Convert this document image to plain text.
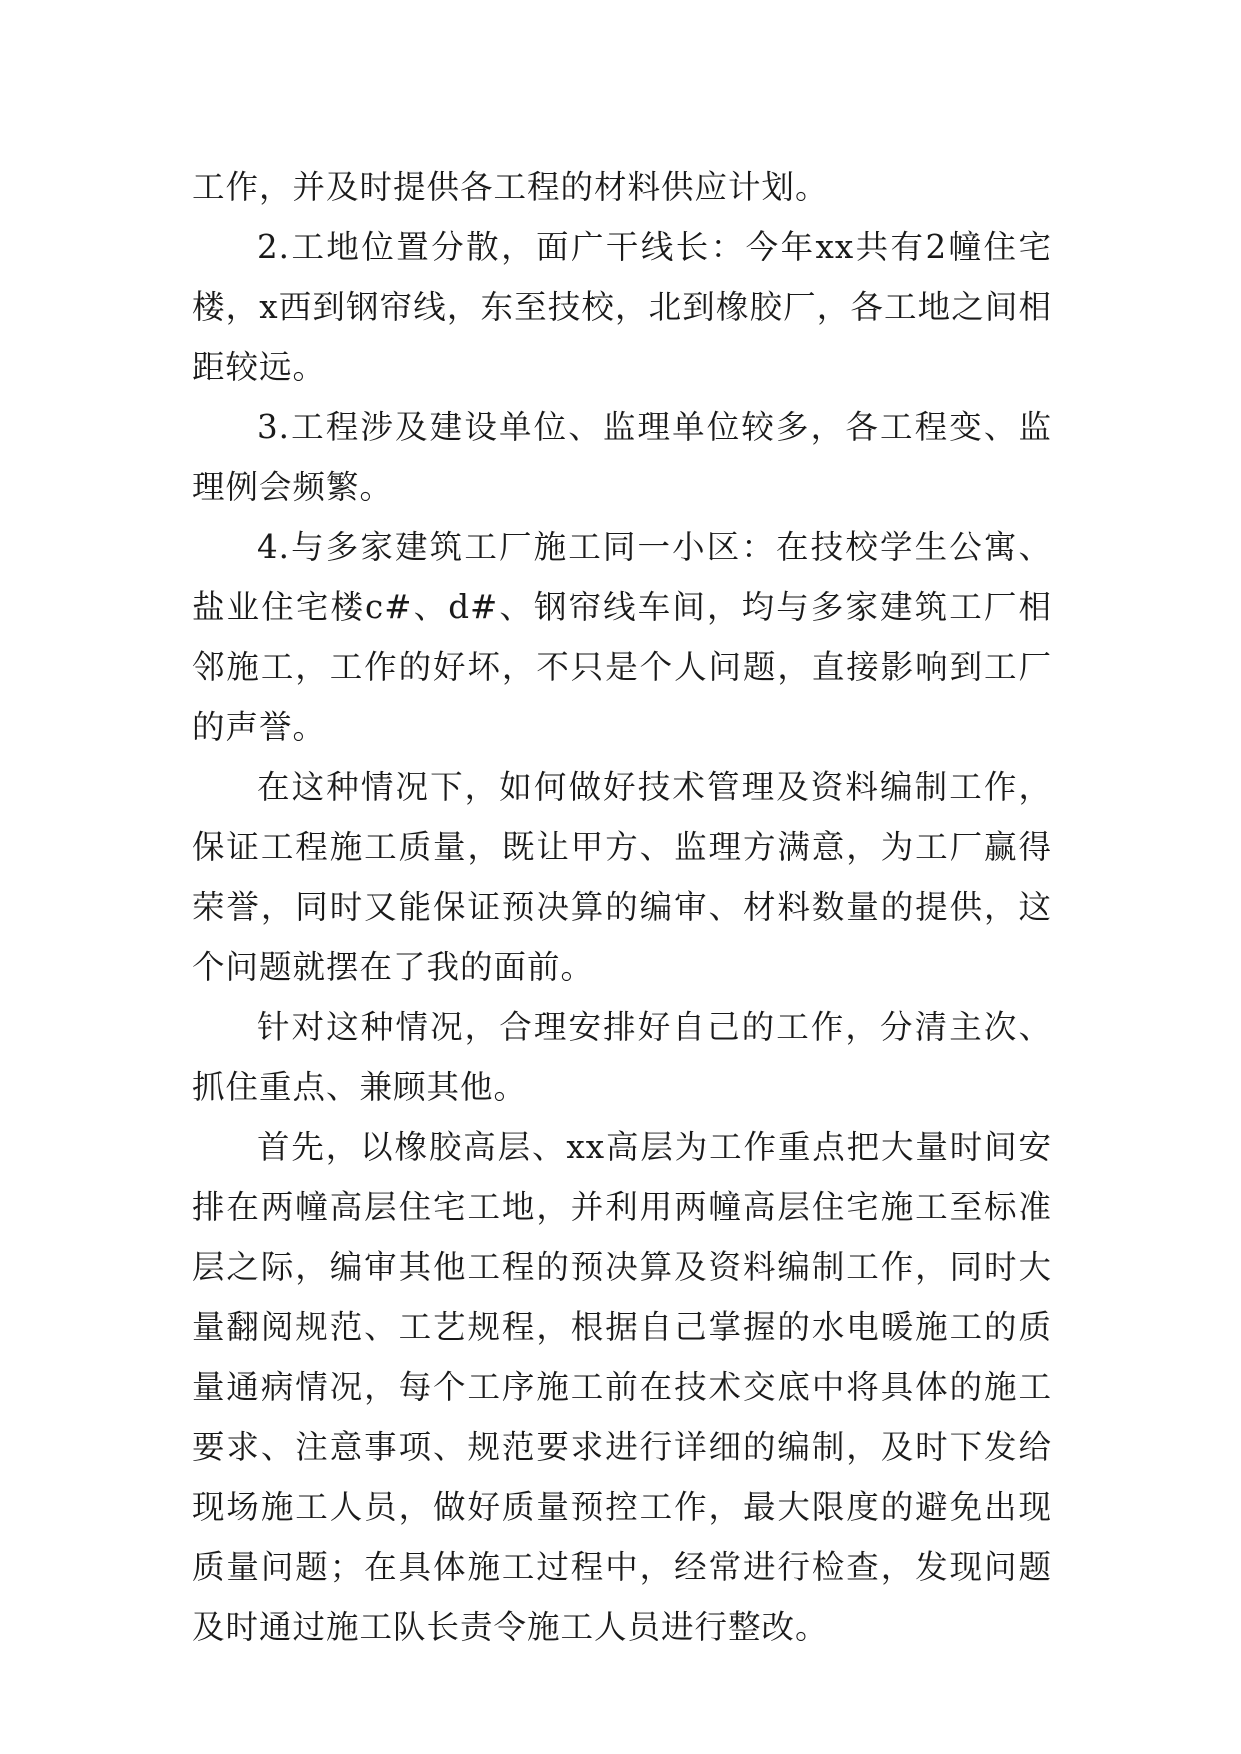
工作，并及时提供各工程的材料供应计划。

2.工地位置分散，面广干线长：今年xx共有2幢住宅楼，x西到钢帘线，东至技校，北到橡胶厂，各工地之间相距较远。

3.工程涉及建设单位、监理单位较多，各工程变、监理例会频繁。

4.与多家建筑工厂施工同一小区：在技校学生公寓、盐业住宅楼c#、d#、钢帘线车间，均与多家建筑工厂相邻施工，工作的好坏，不只是个人问题，直接影响到工厂的声誉。

在这种情况下，如何做好技术管理及资料编制工作，保证工程施工质量，既让甲方、监理方满意，为工厂赢得荣誉，同时又能保证预决算的编审、材料数量的提供，这个问题就摆在了我的面前。

针对这种情况，合理安排好自己的工作，分清主次、抓住重点、兼顾其他。

首先，以橡胶高层、xx高层为工作重点把大量时间安排在两幢高层住宅工地，并利用两幢高层住宅施工至标准层之际，编审其他工程的预决算及资料编制工作，同时大量翻阅规范、工艺规程，根据自己掌握的水电暖施工的质量通病情况，每个工序施工前在技术交底中将具体的施工要求、注意事项、规范要求进行详细的编制，及时下发给现场施工人员，做好质量预控工作，最大限度的避免出现质量问题；在具体施工过程中，经常进行检查，发现问题及时通过施工队长责令施工人员进行整改。
